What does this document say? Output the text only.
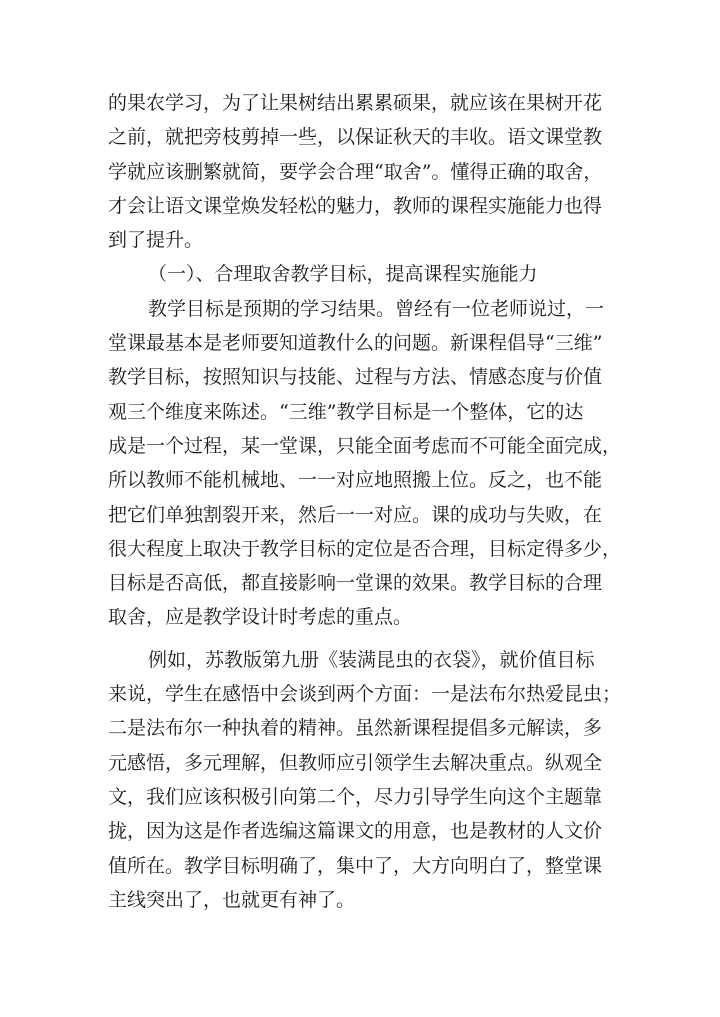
的果农学习，为了让果树结出累累硕果，就应该在果树开花
之前，就把旁枝剪掉一些，以保证秋天的丰收。语文课堂教
学就应该删繁就简，要学会合理“取舍”。懂得正确的取舍，
才会让语文课堂焕发轻松的魅力，教师的课程实施能力也得
到了提升。
（一）、合理取舍教学目标，提高课程实施能力
教学目标是预期的学习结果。曾经有一位老师说过，一
堂课最基本是老师要知道教什么的问题。新课程倡导“三维”
教学目标，按照知识与技能、过程与方法、情感态度与价值
观三个维度来陈述。“三维”教学目标是一个整体，它的达
成是一个过程，某一堂课，只能全面考虑而不可能全面完成，
所以教师不能机械地、一一对应地照搬上位。反之，也不能
把它们单独割裂开来，然后一一对应。课的成功与失败，在
很大程度上取决于教学目标的定位是否合理，目标定得多少，
目标是否高低，都直接影响一堂课的效果。教学目标的合理
取舍，应是教学设计时考虑的重点。
例如，苏教版第九册《装满昆虫的衣袋》，就价值目标
来说，学生在感悟中会谈到两个方面：一是法布尔热爱昆虫；
二是法布尔一种执着的精神。虽然新课程提倡多元解读，多
元感悟，多元理解，但教师应引领学生去解决重点。纵观全
文，我们应该积极引向第二个，尽力引导学生向这个主题靠
拢，因为这是作者选编这篇课文的用意，也是教材的人文价
值所在。教学目标明确了，集中了，大方向明白了，整堂课
主线突出了，也就更有神了。
